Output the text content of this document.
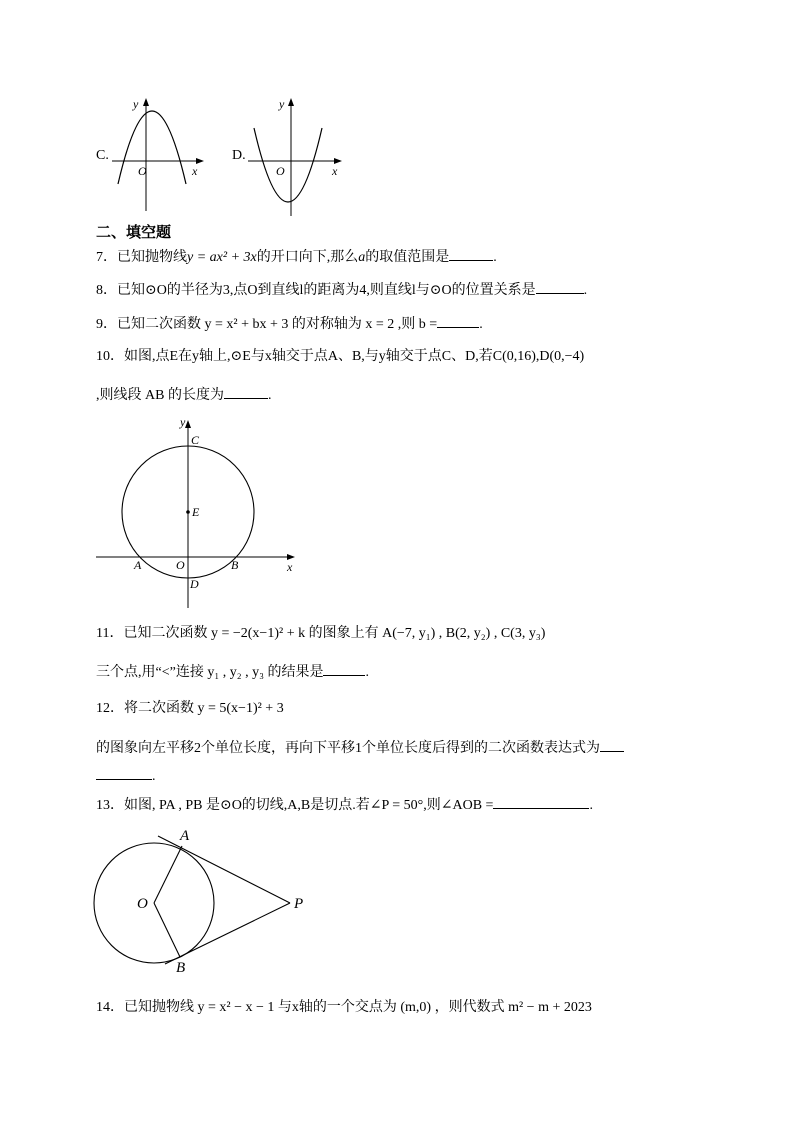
C.
y
x
O
D.
y
x
O
二、填空题
7．已知抛物线y = ax² + 3x的开口向下,那么a的取值范围是	.
8．已知⊙O的半径为3,点O到直线l的距离为4,则直线l与⊙O的位置关系是	.
9．已知二次函数 y = x² + bx + 3 的对称轴为 x = 2 ,则 b =	.
10．如图,点E在y轴上,⊙E与x轴交于点A、B,与y轴交于点C、D,若C(0,16),D(0,−4)
,则线段 AB 的长度为	.
y
x
C
E
A	O	B
D
11．已知二次函数 y = −2(x−1)² + k 的图象上有 A(−7, y₁) , B(2, y₂) , C(3, y₃)
三个点,用“<”连接 y₁ , y₂ , y₃ 的结果是	.
12．将二次函数 y = 5(x−1)² + 3
的图象向左平移2个单位长度，再向下平移1个单位长度后得到的二次函数表达式为
.
13．如图, PA , PB 是⊙O的切线,A,B是切点.若∠P = 50°,则∠AOB =	.
A
O	P
B
14．已知抛物线 y = x² − x − 1 与x轴的一个交点为 (m,0) ，则代数式 m² − m + 2023
